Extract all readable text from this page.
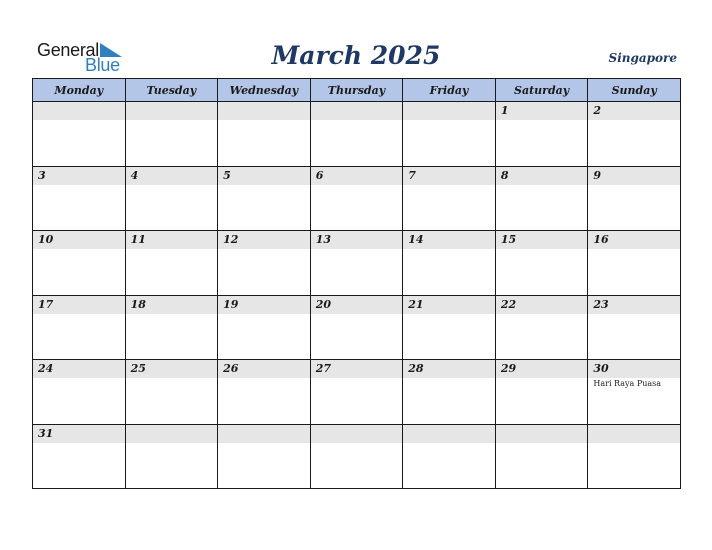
General
Blue	March 2025	Singapore
Monday	Tuesday	Wednesday	Thursday	Friday	Saturday	Sunday

					1	2

3	4	5	6	7	8	9

10	11	12	13	14	15	16

17	18	19	20	21	22	23

24	25	26	27	28	29	30
Hari Raya Puasa

31						
